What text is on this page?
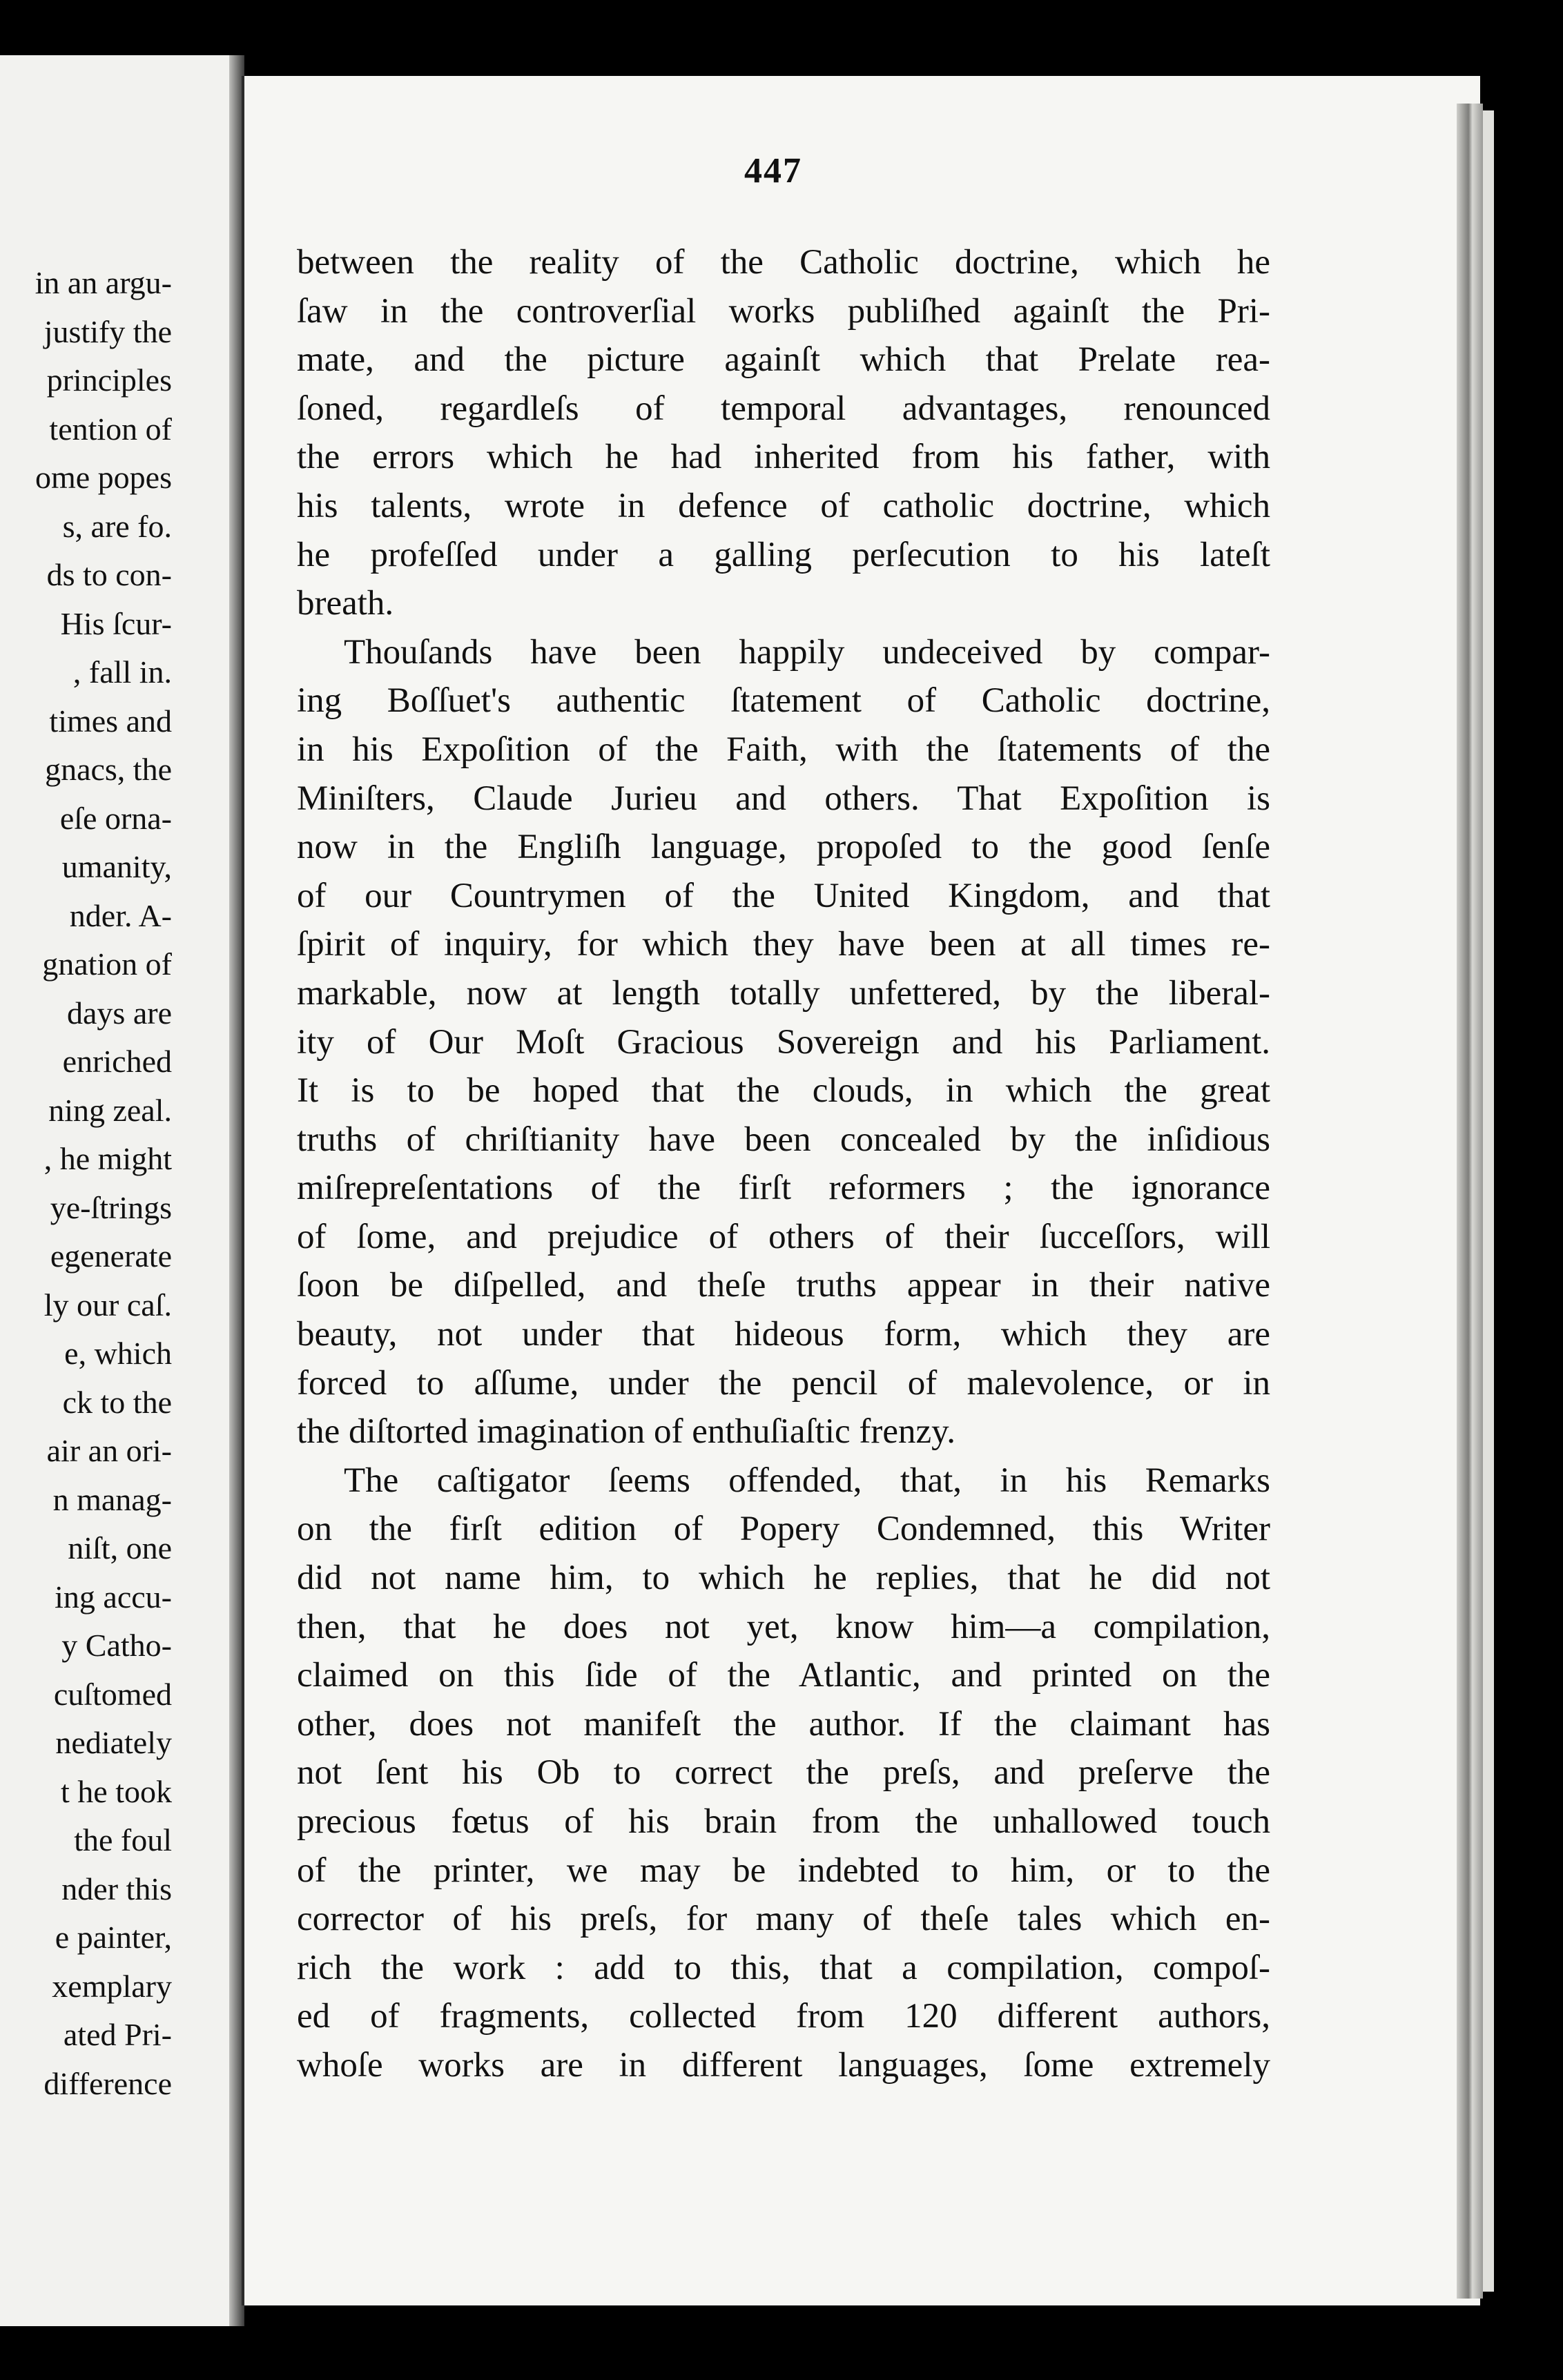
in an argu-
justify the
principles
tention of
ome popes
s, are fo.
ds to con-
His ſcur-
, fall in.
times and
gnacs, the
eſe orna-
umanity,
nder. A-
gnation of
days are
enriched
ning zeal.
, he might
ye-ſtrings
egenerate
ly our caſ.
e, which
ck to the
air an ori-
n manag-
niſt, one
ing accu-
y Catho-
cuſtomed
nediately
t he took
the foul
nder this
e painter,
xemplary
ated Pri-
difference
447
between the reality of the Catholic doctrine, which he
ſaw in the controverſial works publiſhed againſt the Pri-
mate, and the picture againſt which that Prelate rea-
ſoned, regardleſs of temporal advantages, renounced
the errors which he had inherited from his father, with
his talents, wrote in defence of catholic doctrine, which
he profeſſed under a galling perſecution to his lateſt
breath.
Thouſands have been happily undeceived by compar-
ing Boſſuet's authentic ſtatement of Catholic doctrine,
in his Expoſition of the Faith, with the ſtatements of the
Miniſters, Claude Jurieu and others. That Expoſition is
now in the Engliſh language, propoſed to the good ſenſe
of our Countrymen of the United Kingdom, and that
ſpirit of inquiry, for which they have been at all times re-
markable, now at length totally unfettered, by the liberal-
ity of Our Moſt Gracious Sovereign and his Parliament.
It is to be hoped that the clouds, in which the great
truths of chriſtianity have been concealed by the inſidious
miſrepreſentations of the firſt reformers ; the ignorance
of ſome, and prejudice of others of their ſucceſſors, will
ſoon be diſpelled, and theſe truths appear in their native
beauty, not under that hideous form, which they are
forced to aſſume, under the pencil of malevolence, or in
the diſtorted imagination of enthuſiaſtic frenzy.
The caſtigator ſeems offended, that, in his Remarks
on the firſt edition of Popery Condemned, this Writer
did not name him, to which he replies, that he did not
then, that he does not yet, know him—a compilation,
claimed on this ſide of the Atlantic, and printed on the
other, does not manifeſt the author. If the claimant has
not ſent his Ob to correct the preſs, and preſerve the
precious fœtus of his brain from the unhallowed touch
of the printer, we may be indebted to him, or to the
corrector of his preſs, for many of theſe tales which en-
rich the work : add to this, that a compilation, compoſ-
ed of fragments, collected from 120 different authors,
whoſe works are in different languages, ſome extremely
